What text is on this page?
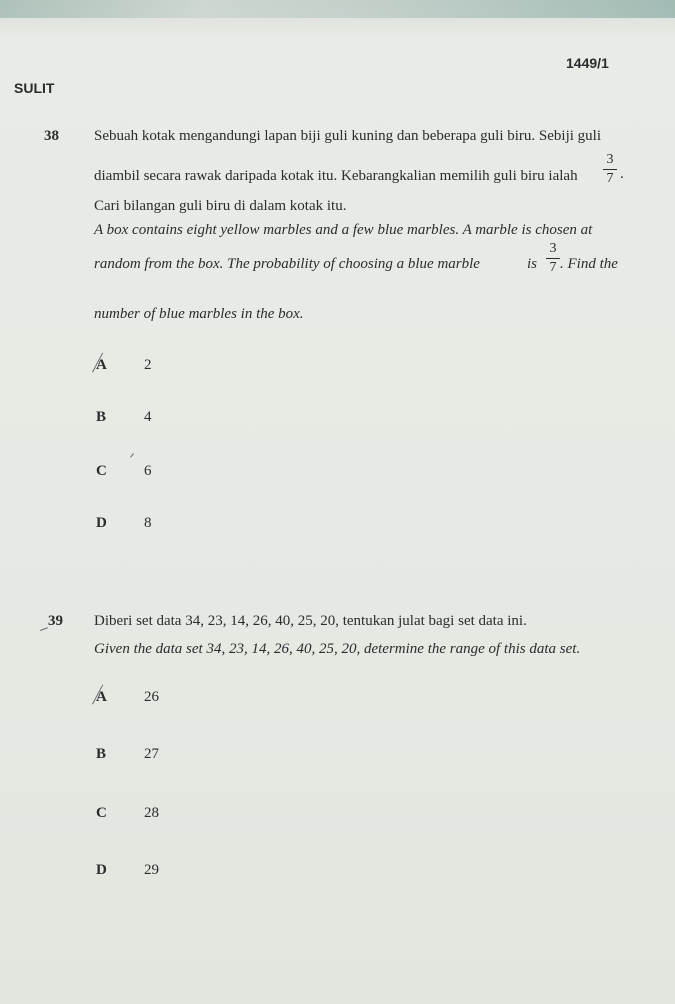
1449/1
SULIT
38 Sebuah kotak mengandungi lapan biji guli kuning dan beberapa guli biru. Sebiji guli
diambil secara rawak daripada kotak itu. Kebarangkalian memilih guli biru ialah
3
7 .
Cari bilangan guli biru di dalam kotak itu.
A box contains eight yellow marbles and a few blue marbles. A marble is chosen at
random from the box. The probability of choosing a blue marble	is
3
7 . Find the
number of blue marbles in the box.
A 2
B	4
C 6
D 8
39 Diberi set data 34, 23, 14, 26, 40, 25, 20, tentukan julat bagi set data ini.
Given the data set 34, 23, 14, 26, 40, 25, 20, determine the range of this data set.
A 26
B	27
C 28
D 29
